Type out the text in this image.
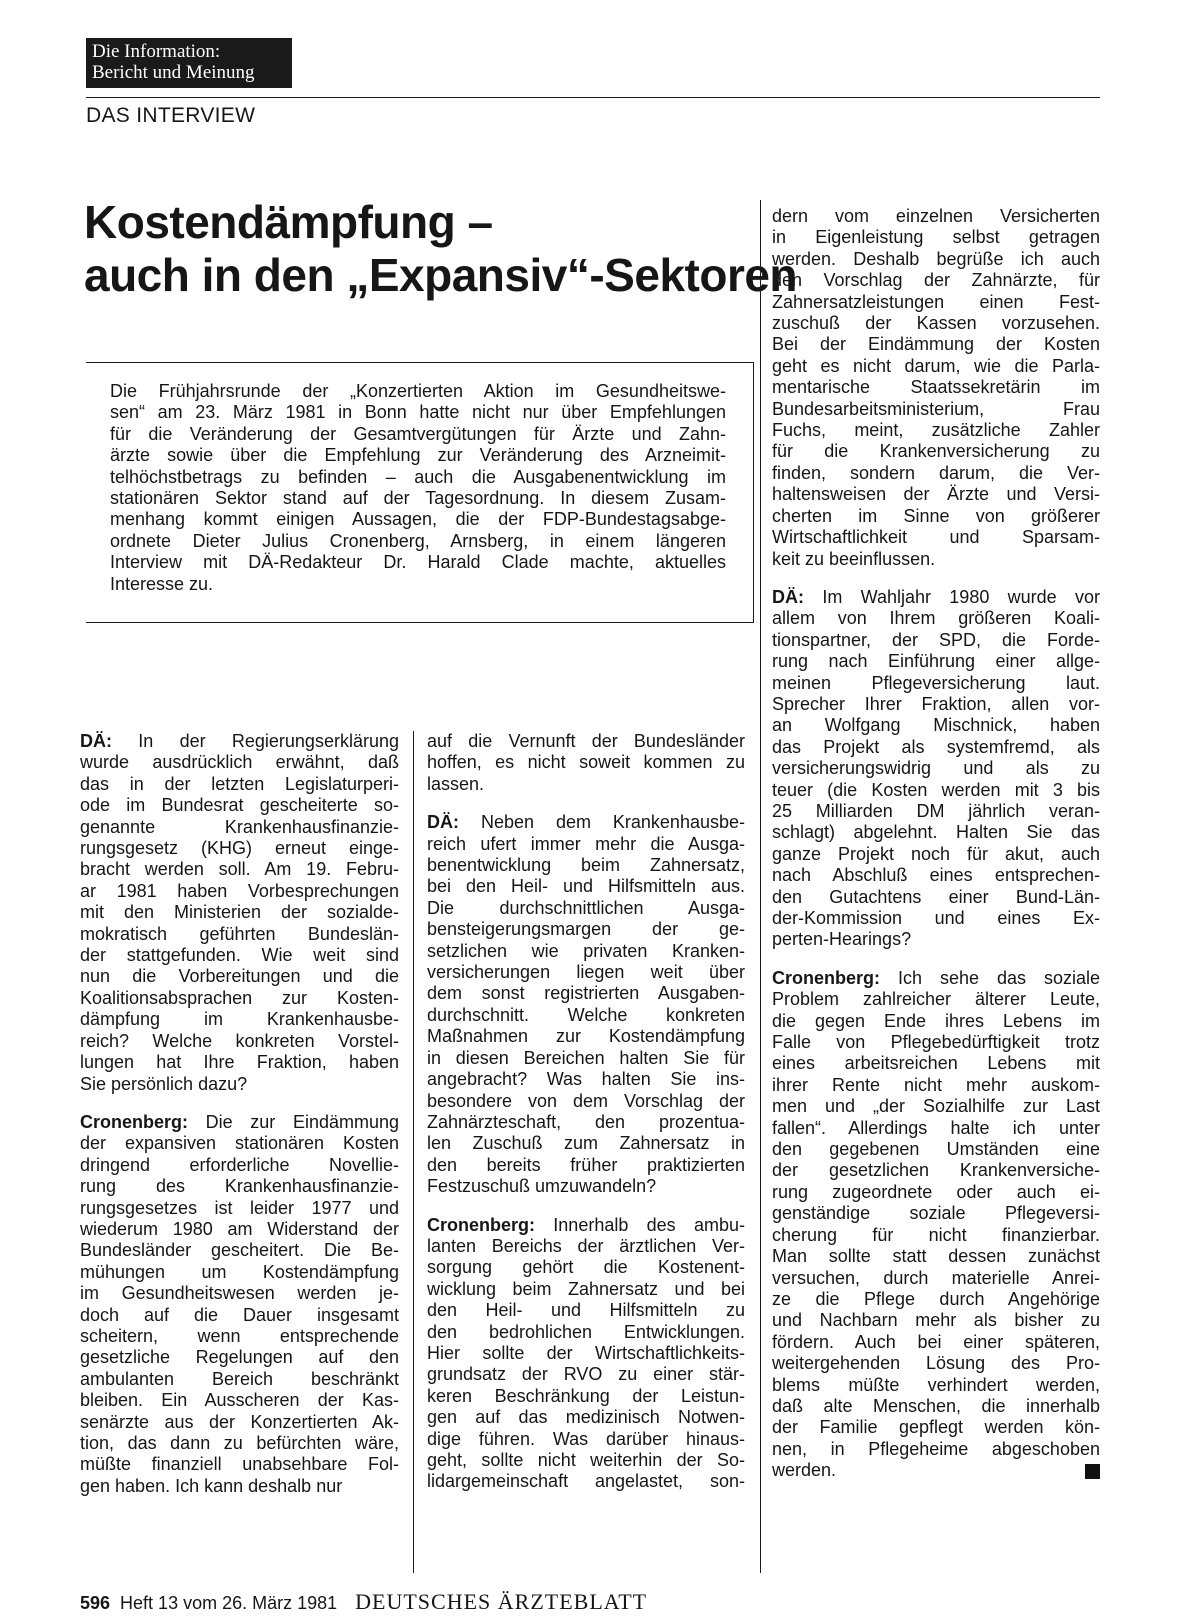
Die Information:
Bericht und Meinung
DAS INTERVIEW
Kostendämpfung –
auch in den „Expansiv“-Sektoren
Die Frühjahrsrunde der „Konzertierten Aktion im Gesundheitswe-
sen“ am 23. März 1981 in Bonn hatte nicht nur über Empfehlungen
für die Veränderung der Gesamtvergütungen für Ärzte und Zahn-
ärzte sowie über die Empfehlung zur Veränderung des Arzneimit-
telhöchstbetrags zu befinden – auch die Ausgabenentwicklung im
stationären Sektor stand auf der Tagesordnung. In diesem Zusam-
menhang kommt einigen Aussagen, die der FDP-Bundestagsabge-
ordnete Dieter Julius Cronenberg, Arnsberg, in einem längeren
Interview mit DÄ-Redakteur Dr. Harald Clade machte, aktuelles
Interesse zu.
DÄ: In der Regierungserklärung
wurde ausdrücklich erwähnt, daß
das in der letzten Legislaturperi-
ode im Bundesrat gescheiterte so-
genannte Krankenhausfinanzie-
rungsgesetz (KHG) erneut einge-
bracht werden soll. Am 19. Febru-
ar 1981 haben Vorbesprechungen
mit den Ministerien der sozialde-
mokratisch geführten Bundeslän-
der stattgefunden. Wie weit sind
nun die Vorbereitungen und die
Koalitionsabsprachen zur Kosten-
dämpfung im Krankenhausbe-
reich? Welche konkreten Vorstel-
lungen hat Ihre Fraktion, haben
Sie persönlich dazu?
Cronenberg: Die zur Eindämmung
der expansiven stationären Kosten
dringend erforderliche Novellie-
rung des Krankenhausfinanzie-
rungsgesetzes ist leider 1977 und
wiederum 1980 am Widerstand der
Bundesländer gescheitert. Die Be-
mühungen um Kostendämpfung
im Gesundheitswesen werden je-
doch auf die Dauer insgesamt
scheitern, wenn entsprechende
gesetzliche Regelungen auf den
ambulanten Bereich beschränkt
bleiben. Ein Ausscheren der Kas-
senärzte aus der Konzertierten Ak-
tion, das dann zu befürchten wäre,
müßte finanziell unabsehbare Fol-
gen haben. Ich kann deshalb nur
auf die Vernunft der Bundesländer
hoffen, es nicht soweit kommen zu
lassen.
DÄ: Neben dem Krankenhausbe-
reich ufert immer mehr die Ausga-
benentwicklung beim Zahnersatz,
bei den Heil- und Hilfsmitteln aus.
Die durchschnittlichen Ausga-
bensteigerungsmargen der ge-
setzlichen wie privaten Kranken-
versicherungen liegen weit über
dem sonst registrierten Ausgaben-
durchschnitt. Welche konkreten
Maßnahmen zur Kostendämpfung
in diesen Bereichen halten Sie für
angebracht? Was halten Sie ins-
besondere von dem Vorschlag der
Zahnärzteschaft, den prozentua-
len Zuschuß zum Zahnersatz in
den bereits früher praktizierten
Festzuschuß umzuwandeln?
Cronenberg: Innerhalb des ambu-
lanten Bereichs der ärztlichen Ver-
sorgung gehört die Kostenent-
wicklung beim Zahnersatz und bei
den Heil- und Hilfsmitteln zu
den bedrohlichen Entwicklungen.
Hier sollte der Wirtschaftlichkeits-
grundsatz der RVO zu einer stär-
keren Beschränkung der Leistun-
gen auf das medizinisch Notwen-
dige führen. Was darüber hinaus-
geht, sollte nicht weiterhin der So-
lidargemeinschaft angelastet, son-
dern vom einzelnen Versicherten
in Eigenleistung selbst getragen
werden. Deshalb begrüße ich auch
den Vorschlag der Zahnärzte, für
Zahnersatzleistungen einen Fest-
zuschuß der Kassen vorzusehen.
Bei der Eindämmung der Kosten
geht es nicht darum, wie die Parla-
mentarische Staatssekretärin im
Bundesarbeitsministerium, Frau
Fuchs, meint, zusätzliche Zahler
für die Krankenversicherung zu
finden, sondern darum, die Ver-
haltensweisen der Ärzte und Versi-
cherten im Sinne von größerer
Wirtschaftlichkeit und Sparsam-
keit zu beeinflussen.
DÄ: Im Wahljahr 1980 wurde vor
allem von Ihrem größeren Koali-
tionspartner, der SPD, die Forde-
rung nach Einführung einer allge-
meinen Pflegeversicherung laut.
Sprecher Ihrer Fraktion, allen vor-
an Wolfgang Mischnick, haben
das Projekt als systemfremd, als
versicherungswidrig und als zu
teuer (die Kosten werden mit 3 bis
25 Milliarden DM jährlich veran-
schlagt) abgelehnt. Halten Sie das
ganze Projekt noch für akut, auch
nach Abschluß eines entsprechen-
den Gutachtens einer Bund-Län-
der-Kommission und eines Ex-
perten-Hearings?
Cronenberg: Ich sehe das soziale
Problem zahlreicher älterer Leute,
die gegen Ende ihres Lebens im
Falle von Pflegebedürftigkeit trotz
eines arbeitsreichen Lebens mit
ihrer Rente nicht mehr auskom-
men und „der Sozialhilfe zur Last
fallen“. Allerdings halte ich unter
den gegebenen Umständen eine
der gesetzlichen Krankenversiche-
rung zugeordnete oder auch ei-
genständige soziale Pflegeversi-
cherung für nicht finanzierbar.
Man sollte statt dessen zunächst
versuchen, durch materielle Anrei-
ze die Pflege durch Angehörige
und Nachbarn mehr als bisher zu
fördern. Auch bei einer späteren,
weitergehenden Lösung des Pro-
blems müßte verhindert werden,
daß alte Menschen, die innerhalb
der Familie gepflegt werden kön-
nen, in Pflegeheime abgeschoben
werden.
596 Heft 13 vom 26. März 1981 DEUTSCHES ÄRZTEBLATT
